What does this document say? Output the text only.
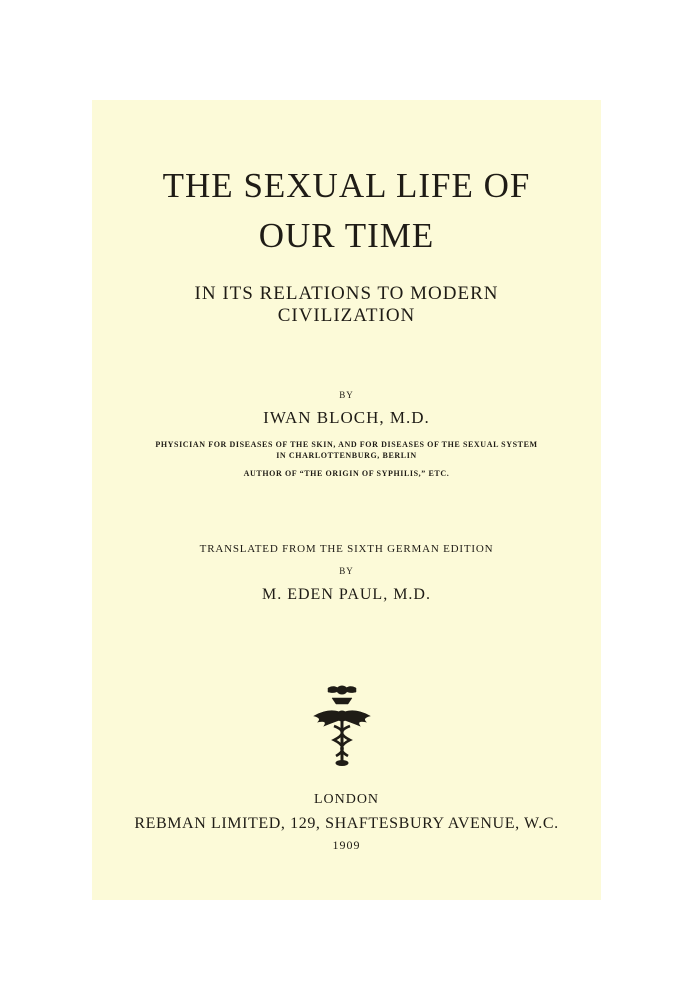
THE SEXUAL LIFE OF
OUR TIME
IN ITS RELATIONS TO MODERN
CIVILIZATION
BY
IWAN BLOCH, M.D.
PHYSICIAN FOR DISEASES OF THE SKIN, AND FOR DISEASES OF THE SEXUAL SYSTEM
IN CHARLOTTENBURG, BERLIN
AUTHOR OF “THE ORIGIN OF SYPHILIS,” ETC.
TRANSLATED FROM THE SIXTH GERMAN EDITION
BY
M. EDEN PAUL, M.D.
LONDON
REBMAN LIMITED, 129, SHAFTESBURY AVENUE, W.C.
1909
